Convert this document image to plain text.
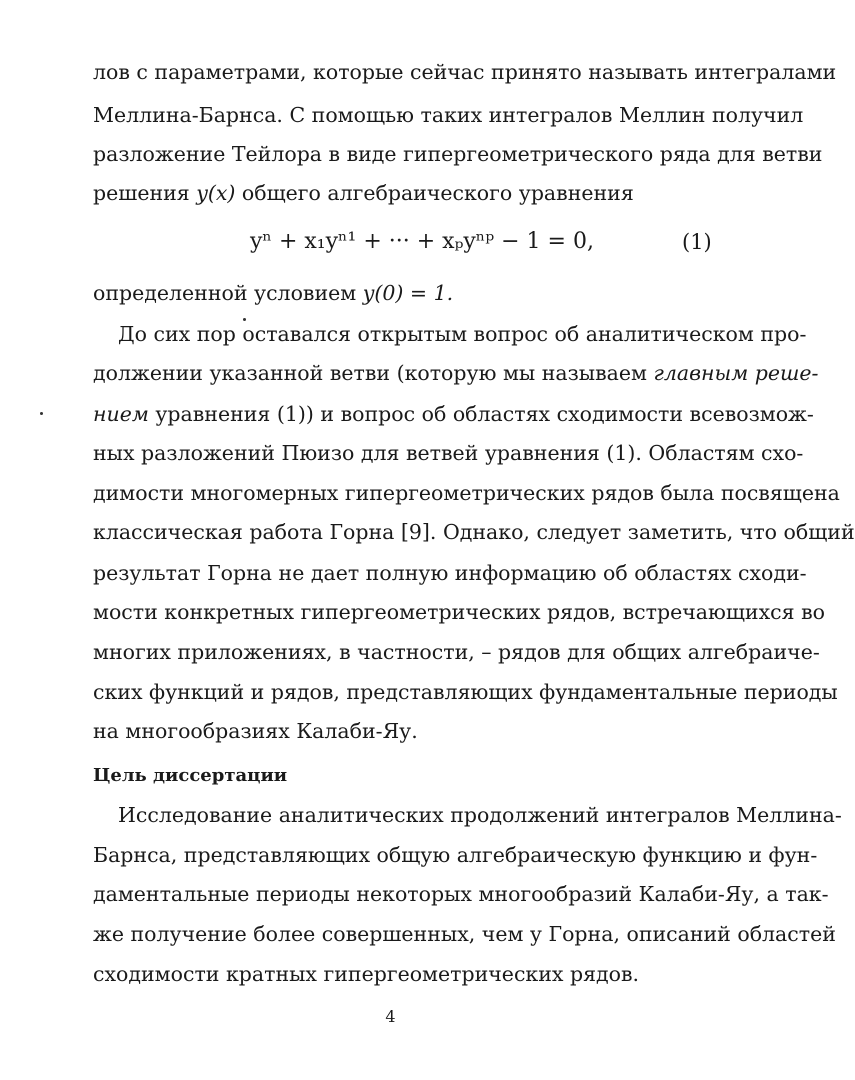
лов с параметрами, которые сейчас принято называть интегралами
Меллина-Барнса. С помощью таких интегралов Меллин получил
разложение Тейлора в виде гипергеометрического ряда для ветви
решения y(x) общего алгебраического уравнения
yⁿ + x₁yⁿ¹ + ··· + xₚyⁿᵖ − 1 = 0,	(1)
определенной условием y(0) = 1.
До сих пор оставался открытым вопрос об аналитическом про-
должении указанной ветви (которую мы называем главным реше-
нием уравнения (1)) и вопрос об областях сходимости всевозмож-
ных разложений Пюизо для ветвей уравнения (1). Областям схо-
димости многомерных гипергеометрических рядов была посвящена
классическая работа Горна [9]. Однако, следует заметить, что общий
результат Горна не дает полную информацию об областях сходи-
мости конкретных гипергеометрических рядов, встречающихся во
многих приложениях, в частности, – рядов для общих алгебраиче-
ских функций и рядов, представляющих фундаментальные периоды
на многообразиях Калаби-Яу.
Цель диссертации
Исследование аналитических продолжений интегралов Меллина-
Барнса, представляющих общую алгебраическую функцию и фун-
даментальные периоды некоторых многообразий Калаби-Яу, а так-
же получение более совершенных, чем у Горна, описаний областей
сходимости кратных гипергеометрических рядов.
4
